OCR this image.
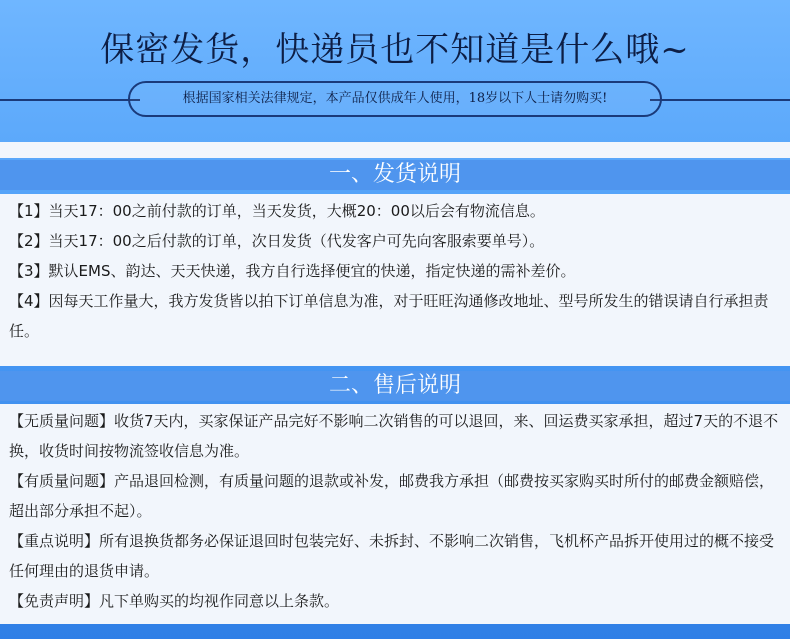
保密发货，快递员也不知道是什么哦~
根据国家相关法律规定，本产品仅供成年人使用，18岁以下人士请勿购买!
一、发货说明

【1】当天17：00之前付款的订单，当天发货，大概20：00以后会有物流信息。

【2】当天17：00之后付款的订单，次日发货（代发客户可先向客服索要单号）。

【3】默认EMS、韵达、天天快递，我方自行选择便宜的快递，指定快递的需补差价。

【4】因每天工作量大，我方发货皆以拍下订单信息为准，对于旺旺沟通修改地址、型号所发生的错误请自行承担责任。

二、售后说明

【无质量问题】收货7天内，买家保证产品完好不影响二次销售的可以退回，来、回运费买家承担，超过7天的不退不换，收货时间按物流签收信息为准。

【有质量问题】产品退回检测，有质量问题的退款或补发，邮费我方承担（邮费按买家购买时所付的邮费金额赔偿，超出部分承担不起）。

【重点说明】所有退换货都务必保证退回时包装完好、未拆封、不影响二次销售，飞机杯产品拆开使用过的概不接受任何理由的退货申请。

【免责声明】凡下单购买的均视作同意以上条款。
